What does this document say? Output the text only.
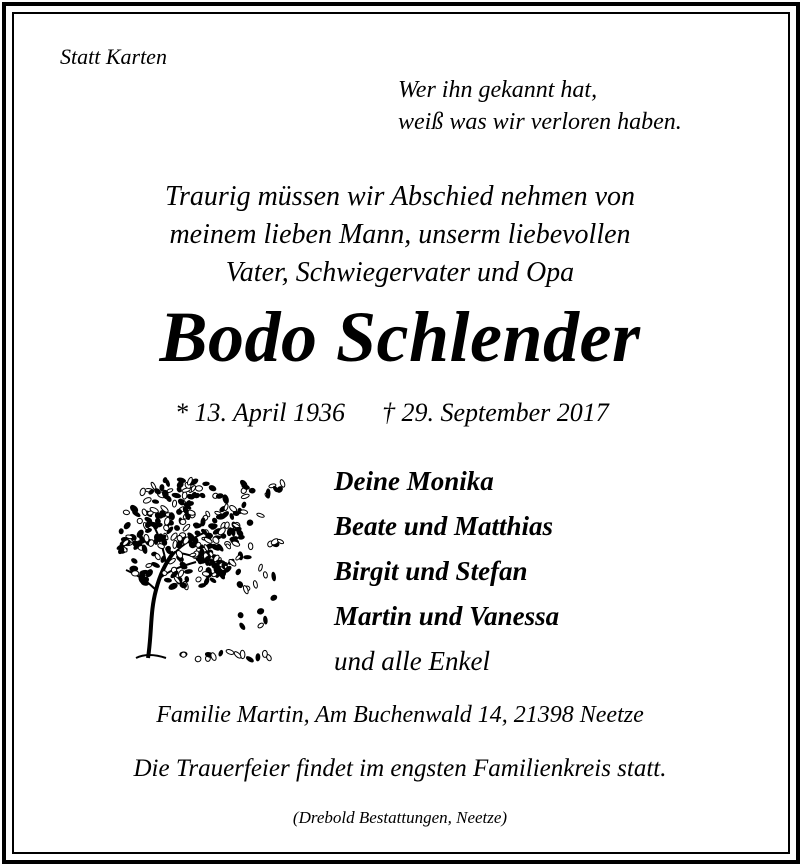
Statt Karten
Wer ihn gekannt hat,
weiß was wir verloren haben.
Traurig müssen wir Abschied nehmen von
meinem lieben Mann, unserm liebevollen
Vater, Schwiegervater und Opa
Bodo Schlender
* 13. April 1936 † 29. September 2017
Deine Monika
Beate und Matthias
Birgit und Stefan
Martin und Vanessa
und alle Enkel
Familie Martin, Am Buchenwald 14, 21398 Neetze
Die Trauerfeier findet im engsten Familienkreis statt.
(Drebold Bestattungen, Neetze)
